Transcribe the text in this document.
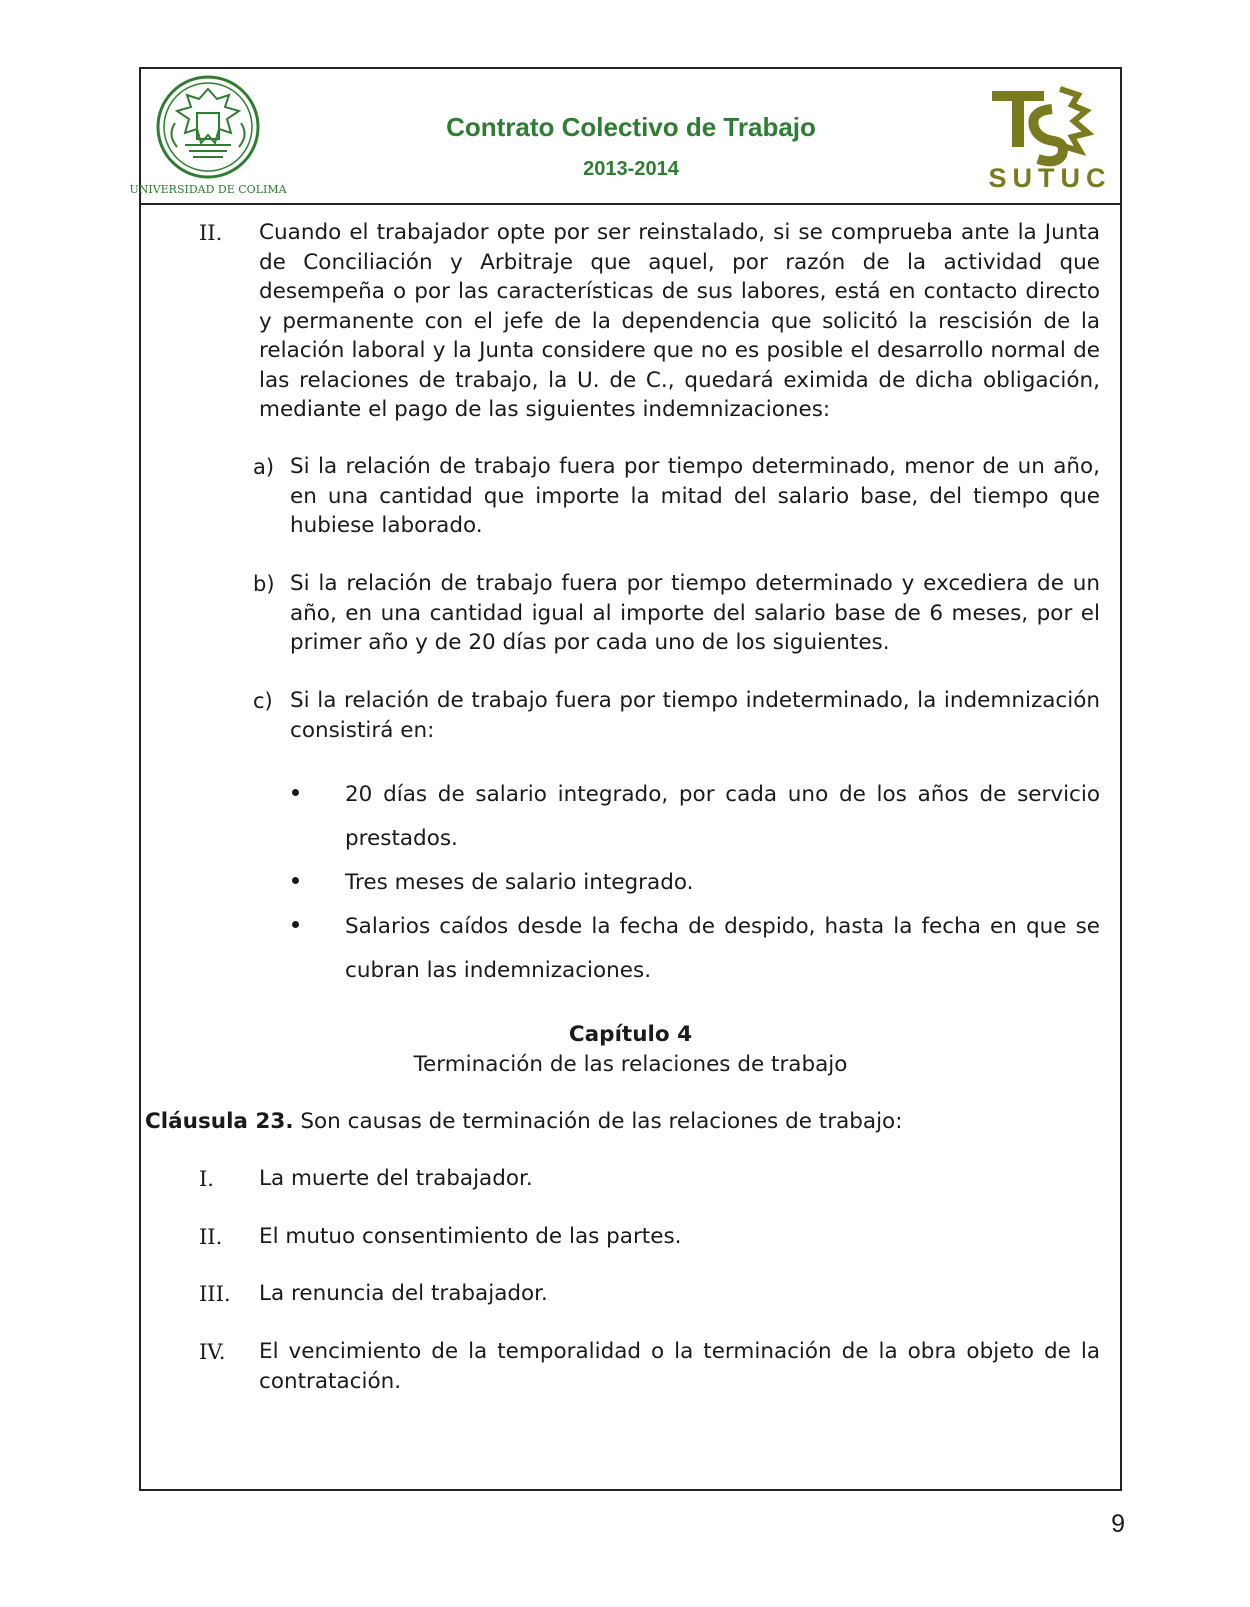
UNIVERSIDAD DE COLIMA
Contrato Colectivo de Trabajo
2013-2014	SUTUC
II. Cuando el trabajador opte por ser reinstalado, si se comprueba ante la Junta de Conciliación y Arbitraje que aquel, por razón de la actividad que desempeña o por las características de sus labores, está en contacto directo y permanente con el jefe de la dependencia que solicitó la rescisión de la relación laboral y la Junta considere que no es posible el desarrollo normal de las relaciones de trabajo, la U. de C., quedará eximida de dicha obligación, mediante el pago de las siguientes indemnizaciones:
a) Si la relación de trabajo fuera por tiempo determinado, menor de un año, en una cantidad que importe la mitad del salario base, del tiempo que hubiese laborado.
b) Si la relación de trabajo fuera por tiempo determinado y excediera de un año, en una cantidad igual al importe del salario base de 6 meses, por el primer año y de 20 días por cada uno de los siguientes.
c) Si la relación de trabajo fuera por tiempo indeterminado, la indemnización consistirá en:
20 días de salario integrado, por cada uno de los años de servicio prestados.
Tres meses de salario integrado.
Salarios caídos desde la fecha de despido, hasta la fecha en que se cubran las indemnizaciones.
Capítulo 4
Terminación de las relaciones de trabajo
Cláusula 23. Son causas de terminación de las relaciones de trabajo:
I. La muerte del trabajador.
II. El mutuo consentimiento de las partes.
III. La renuncia del trabajador.
IV. El vencimiento de la temporalidad o la terminación de la obra objeto de la contratación.
9
